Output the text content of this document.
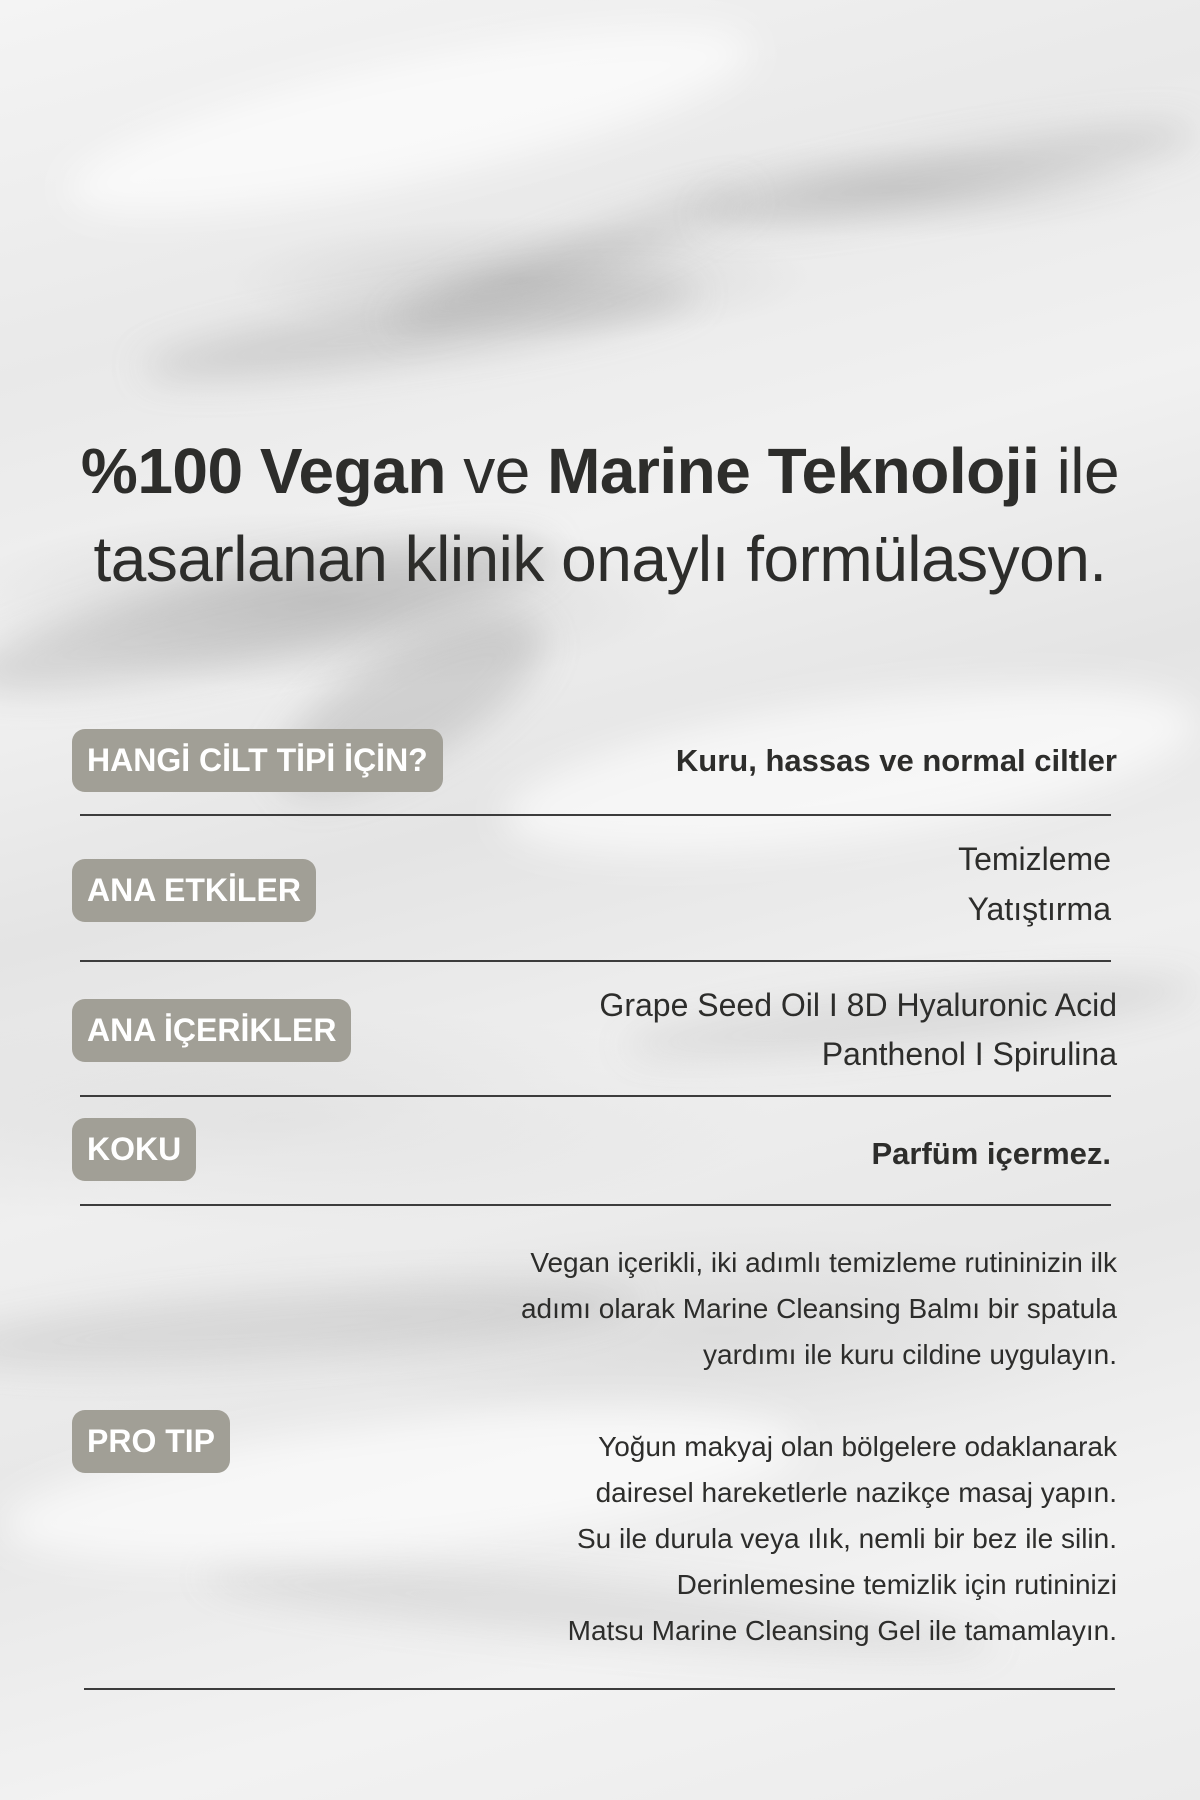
%100 Vegan ve Marine Teknoloji ile
tasarlanan klinik onaylı formülasyon.
HANGİ CİLT TİPİ İÇİN?	Kuru, hassas ve normal ciltler
ANA ETKİLER
Temizleme
Yatıştırma
ANA İÇERİKLER
Grape Seed Oil I 8D Hyaluronic Acid
Panthenol I Spirulina
KOKU	Parfüm içermez.
PRO TIP
Vegan içerikli, iki adımlı temizleme rutininizin ilk
adımı olarak Marine Cleansing Balmı bir spatula
yardımı ile kuru cildine uygulayın.
Yoğun makyaj olan bölgelere odaklanarak
dairesel hareketlerle nazikçe masaj yapın.
Su ile durula veya ılık, nemli bir bez ile silin.
Derinlemesine temizlik için rutininizi
Matsu Marine Cleansing Gel ile tamamlayın.
